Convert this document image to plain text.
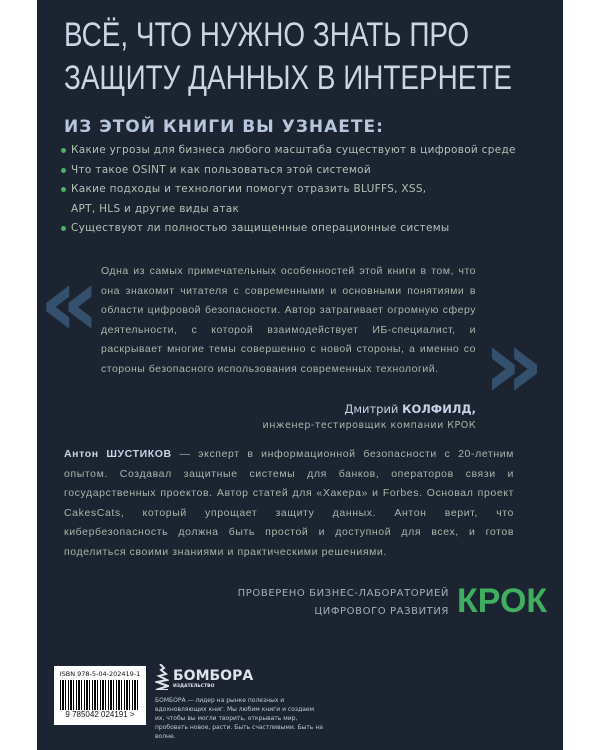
ВСЁ, ЧТО НУЖНО ЗНАТЬ ПРО
ЗАЩИТУ ДАННЫХ В ИНТЕРНЕТЕ
ИЗ ЭТОЙ КНИГИ ВЫ УЗНАЕТЕ:
Какие угрозы для бизнеса любого масштаба существуют в цифровой среде
Что такое OSINT и как пользоваться этой системой
Какие подходы и технологии помогут отразить BLUFFS, XSS, APT, HLS и другие виды атак
Существуют ли полностью защищенные операционные системы
«
»
Одна из самых примечательных особенностей этой книги в том, что она знакомит читателя с современными и основными понятиями в области цифровой безопасности. Автор затрагивает огромную сферу деятельности, с которой взаимодействует ИБ-специалист, и раскрывает многие темы совершенно с новой стороны, а именно со стороны безопасного использования современных технологий.
Дмитрий КОЛФИЛД,
инженер-тестировщик компании КРОК
Антон ШУСТИКОВ — эксперт в информационной безопасности с 20-летним опытом. Создавал защитные системы для банков, операторов связи и государственных проектов. Автор статей для «Хакера» и Forbes. Основал проект CakesCats, который упрощает защиту данных. Антон верит, что кибербезопасность должна быть простой и доступной для всех, и готов поделиться своими знаниями и практическими решениями.
ПРОВЕРЕНО БИЗНЕС-ЛАБОРАТОРИЕЙ
ЦИФРОВОГО РАЗВИТИЯ КРОК
ISBN 978-5-04-202419-1
9 785042 024191 >
БОМБОРА
ИЗДАТЕЛЬСТВО
БОМБОРА — лидер на рынке полезных и вдохновляющих книг. Мы любим книги и создаем их, чтобы вы могли творить, открывать мир, пробовать новое, расти. Быть счастливыми. Быть на волне.
